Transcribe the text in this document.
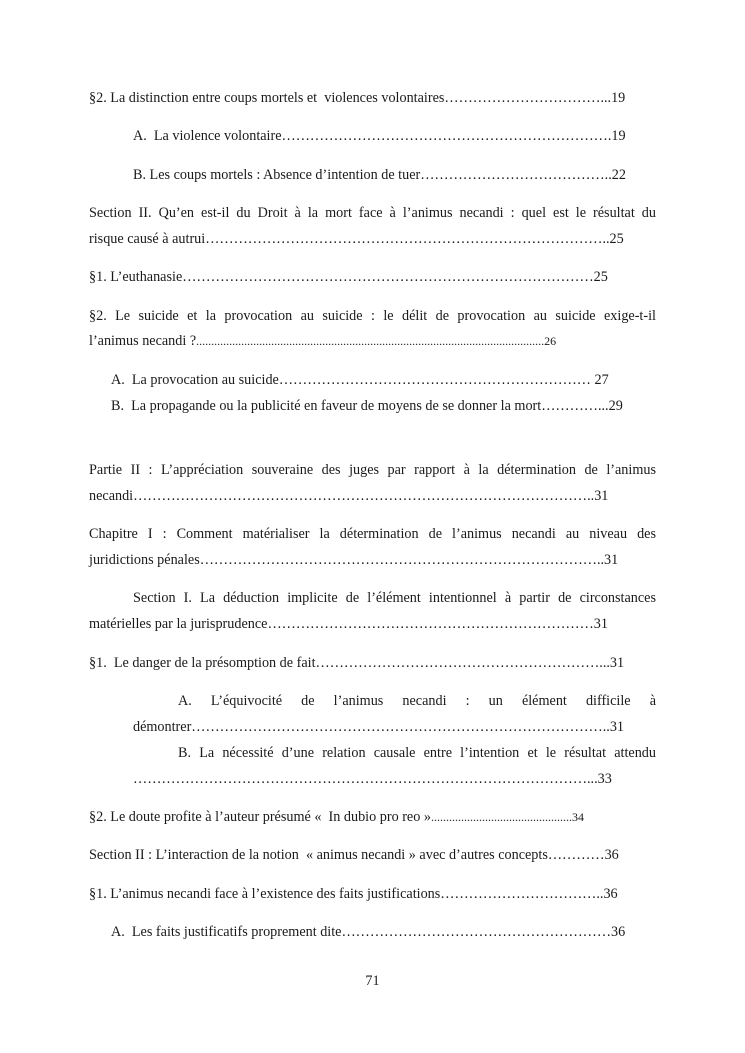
§2. La distinction entre coups mortels et  violences volontaires……………………………...19
A.  La violence volontaire…………………………………………………………….19
B. Les coups mortels : Absence d’intention de tuer…………………………………..22
Section II. Qu’en est-il du Droit à la mort face à l’animus necandi : quel est le résultat du
risque causé à autrui…………………………………………………………………………..25
§1. L’euthanasie……………………………………………………………………………25
§2. Le suicide et la provocation au suicide : le délit de provocation au suicide exige-t-il
l’animus necandi ?....................................................................................................................26
A.  La provocation au suicide………………………………………………………… 27
B.  La propagande ou la publicité en faveur de moyens de se donner la mort…………...29
Partie II : L’appréciation souveraine des juges par rapport à la détermination de l’animus
necandi……………………………………………………………………………………..31
Chapitre I : Comment matérialiser la détermination de l’animus necandi au niveau des
juridictions pénales…………………………………………………………………………..31
Section I. La déduction implicite de l’élément intentionnel à partir de circonstances
matérielles par la jurisprudence……………………………………………………………31
§1.  Le danger de la présomption de fait……………………………………………………...31
A. L’équivocité de l’animus necandi : un élément difficile à
démontrer……………………………………………………………………………..31
B. La nécessité d’une relation causale entre l’intention et le résultat attendu
……………………………………………………………………………………...33
§2. Le doute profite à l’auteur présumé «  In dubio pro reo »...............................................34
Section II : L’interaction de la notion  « animus necandi » avec d’autres concepts…………36
§1. L’animus necandi face à l’existence des faits justifications……………………………..36
A.  Les faits justificatifs proprement dite…………………………………………………36
71
